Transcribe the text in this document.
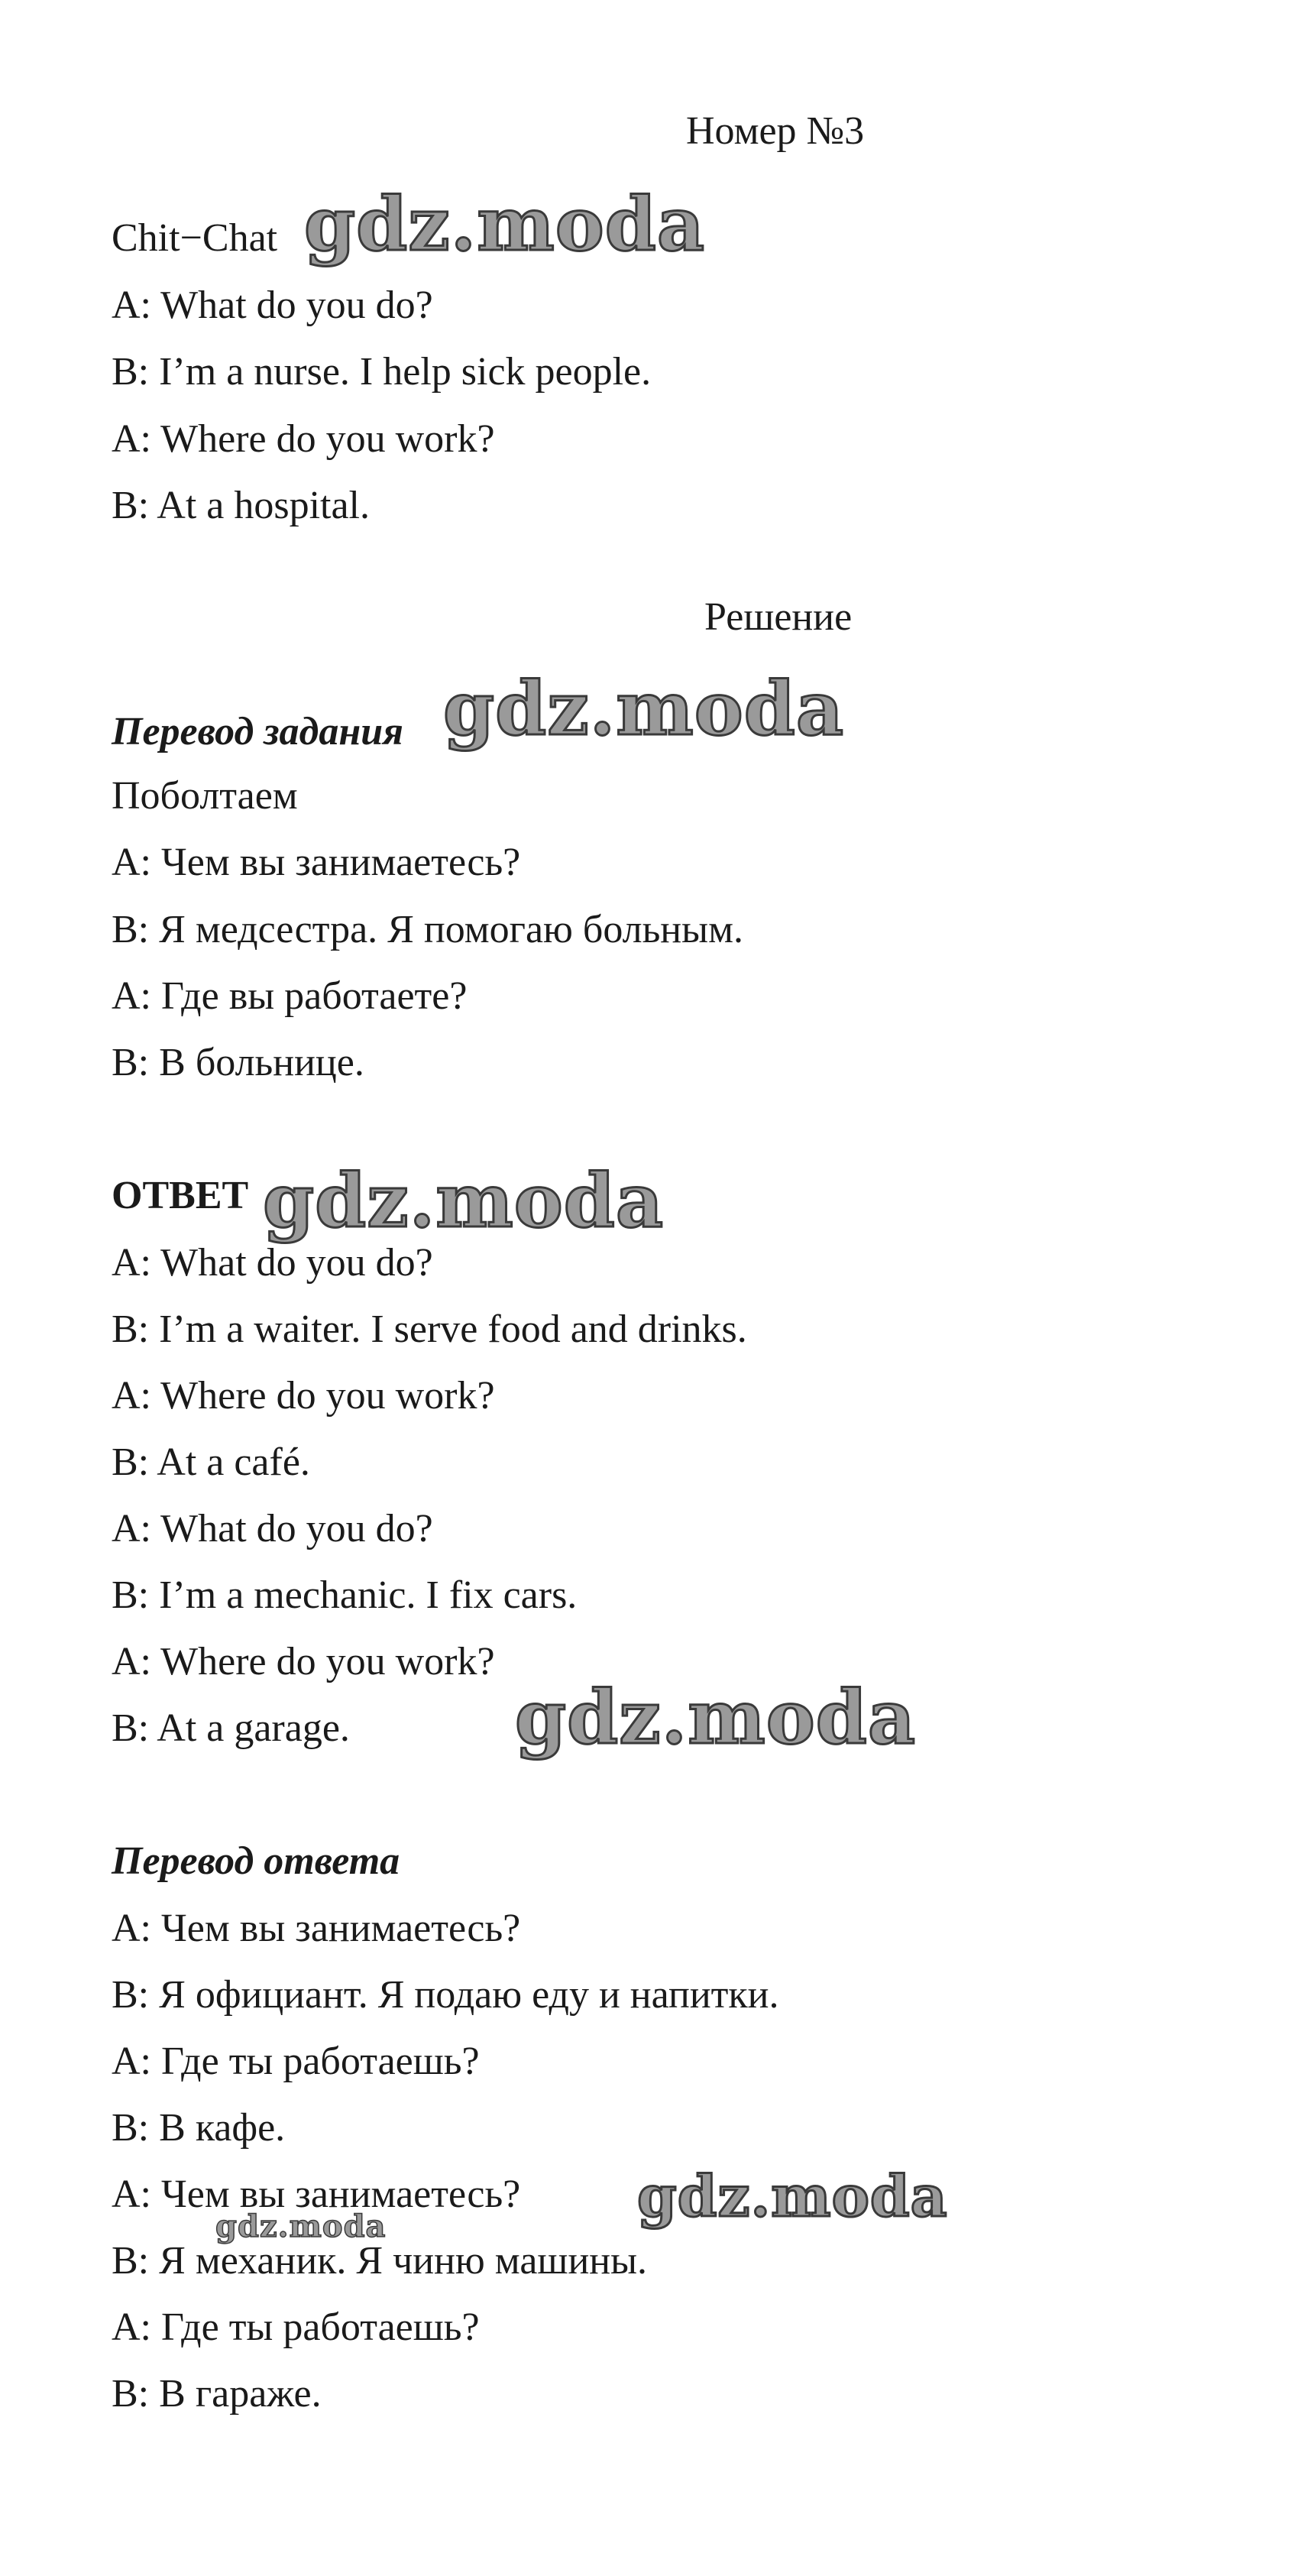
Номер №3
Chit−Chat
A: What do you do?
B: I’m a nurse. I help sick people.
A: Where do you work?
B: At a hospital.
Решение
Перевод задания
Поболтаем
A: Чем вы занимаетесь?
B: Я медсестра. Я помогаю больным.
A: Где вы работаете?
B: В больнице.
ОТВЕТ
A: What do you do?
B: I’m a waiter. I serve food and drinks.
A: Where do you work?
B: At a café.
A: What do you do?
B: I’m a mechanic. I fix cars.
A: Where do you work?
B: At a garage.
Перевод ответа
A: Чем вы занимаетесь?
B: Я официант. Я подаю еду и напитки.
A: Где ты работаешь?
B: В кафе.
A: Чем вы занимаетесь?
B: Я механик. Я чиню машины.
A: Где ты работаешь?
B: В гараже.
gdz.moda
gdz.moda
gdz.moda
gdz.moda
gdz.moda
gdz.moda
